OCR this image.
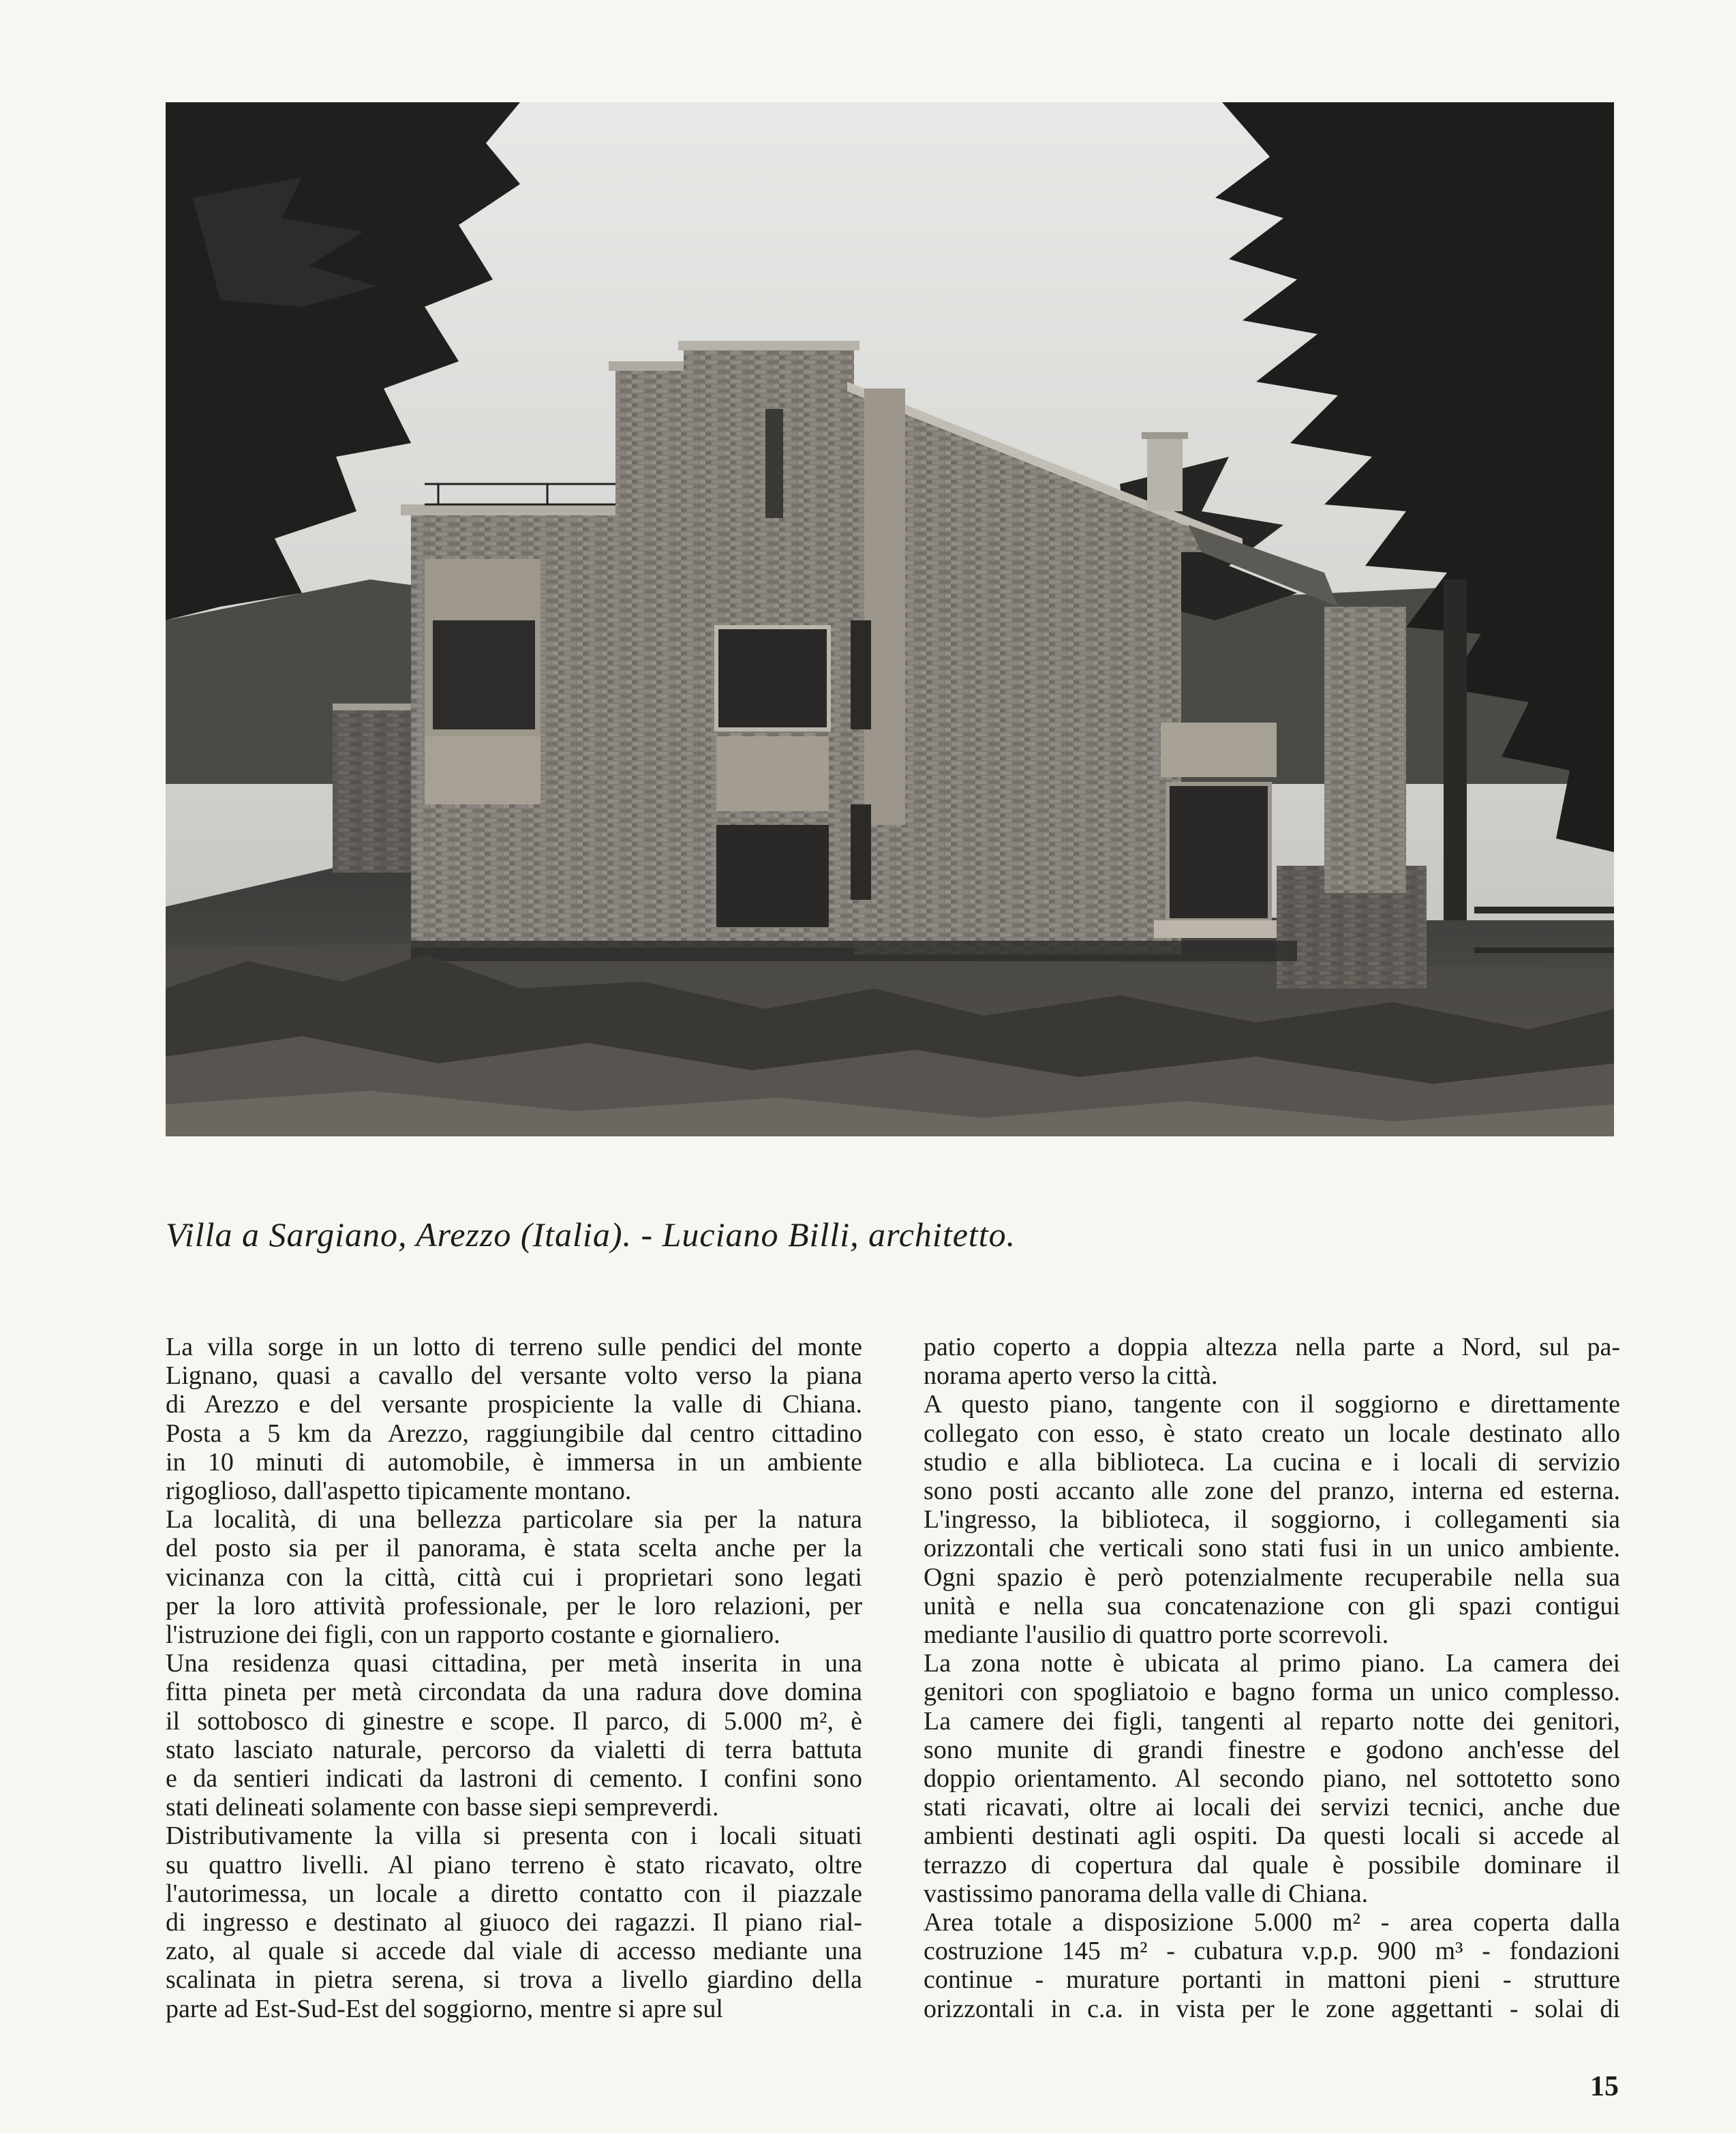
Villa a Sargiano, Arezzo (Italia). - Luciano Billi, architetto.
La villa sorge in un lotto di terreno sulle pendici del monte
Lignano, quasi a cavallo del versante volto verso la piana
di Arezzo e del versante prospiciente la valle di Chiana.
Posta a 5 km da Arezzo, raggiungibile dal centro cittadino
in 10 minuti di automobile, è immersa in un ambiente
rigoglioso, dall'aspetto tipicamente montano.
La località, di una bellezza particolare sia per la natura
del posto sia per il panorama, è stata scelta anche per la
vicinanza con la città, città cui i proprietari sono legati
per la loro attività professionale, per le loro relazioni, per
l'istruzione dei figli, con un rapporto costante e giornaliero.
Una residenza quasi cittadina, per metà inserita in una
fitta pineta per metà circondata da una radura dove domina
il sottobosco di ginestre e scope. Il parco, di 5.000 m², è
stato lasciato naturale, percorso da vialetti di terra battuta
e da sentieri indicati da lastroni di cemento. I confini sono
stati delineati solamente con basse siepi sempreverdi.
Distributivamente la villa si presenta con i locali situati
su quattro livelli. Al piano terreno è stato ricavato, oltre
l'autorimessa, un locale a diretto contatto con il piazzale
di ingresso e destinato al giuoco dei ragazzi. Il piano rial-
zato, al quale si accede dal viale di accesso mediante una
scalinata in pietra serena, si trova a livello giardino della
parte ad Est-Sud-Est del soggiorno, mentre si apre sul
patio coperto a doppia altezza nella parte a Nord, sul pa-
norama aperto verso la città.
A questo piano, tangente con il soggiorno e direttamente
collegato con esso, è stato creato un locale destinato allo
studio e alla biblioteca. La cucina e i locali di servizio
sono posti accanto alle zone del pranzo, interna ed esterna.
L'ingresso, la biblioteca, il soggiorno, i collegamenti sia
orizzontali che verticali sono stati fusi in un unico ambiente.
Ogni spazio è però potenzialmente recuperabile nella sua
unità e nella sua concatenazione con gli spazi contigui
mediante l'ausilio di quattro porte scorrevoli.
La zona notte è ubicata al primo piano. La camera dei
genitori con spogliatoio e bagno forma un unico complesso.
La camere dei figli, tangenti al reparto notte dei genitori,
sono munite di grandi finestre e godono anch'esse del
doppio orientamento. Al secondo piano, nel sottotetto sono
stati ricavati, oltre ai locali dei servizi tecnici, anche due
ambienti destinati agli ospiti. Da questi locali si accede al
terrazzo di copertura dal quale è possibile dominare il
vastissimo panorama della valle di Chiana.
Area totale a disposizione 5.000 m² - area coperta dalla
costruzione 145 m² - cubatura v.p.p. 900 m³ - fondazioni
continue - murature portanti in mattoni pieni - strutture
orizzontali in c.a. in vista per le zone aggettanti - solai di
15
